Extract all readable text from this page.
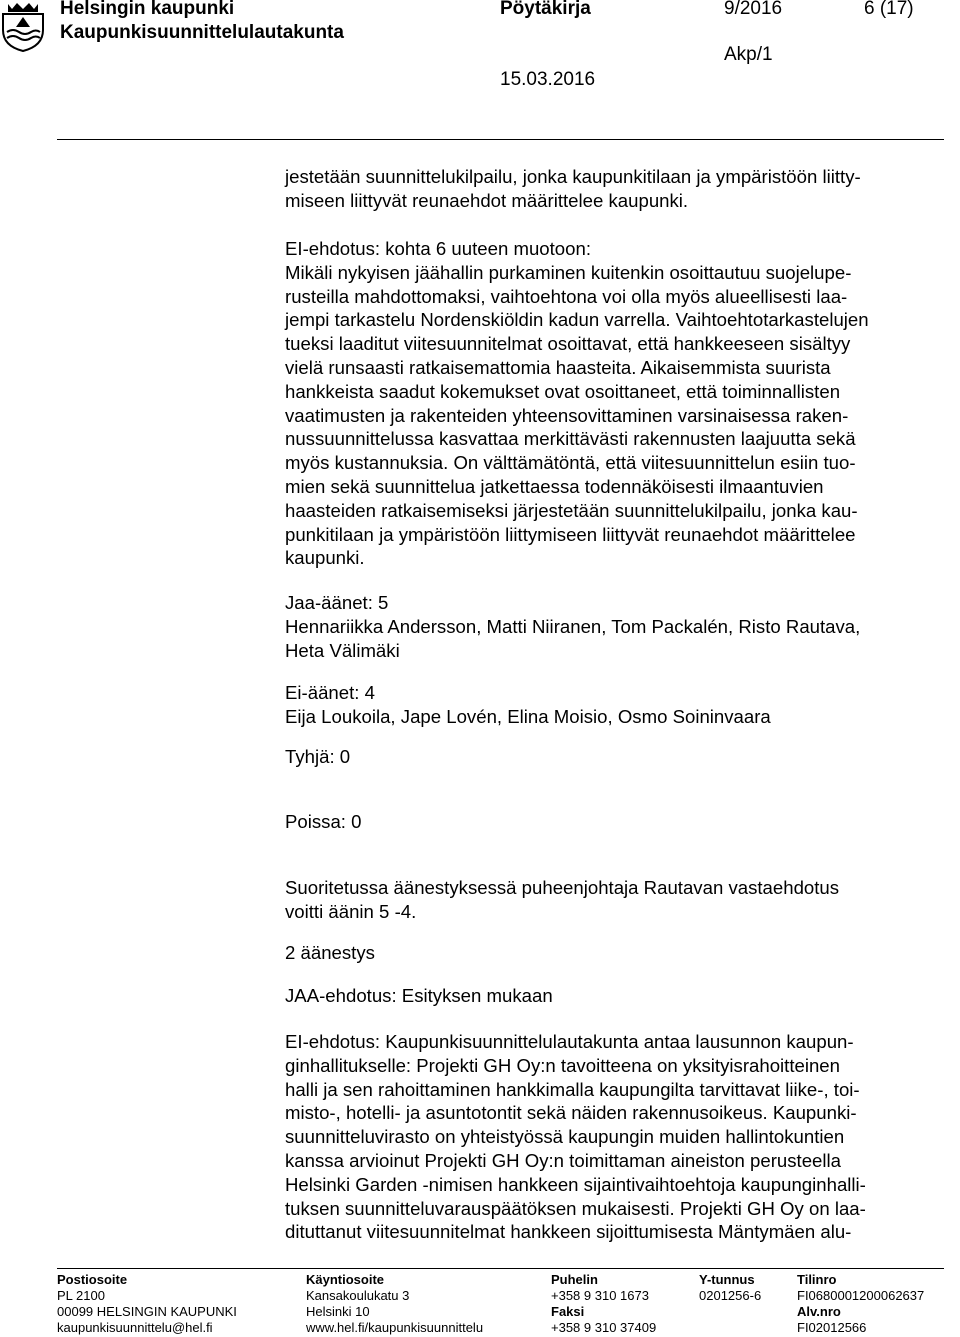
Helsingin kaupunki
Kaupunkisuunnittelulautakunta
Pöytäkirja	9/2016	6 (17)
Akp/1
15.03.2016
jestetään suunnittelukilpailu, jonka kaupunkitilaan ja ympäristöön liitty-
miseen liittyvät reunaehdot määrittelee kaupunki.
EI-ehdotus: kohta 6 uuteen muotoon:
Mikäli nykyisen jäähallin purkaminen kuitenkin osoittautuu suojelupe-
rusteilla mahdottomaksi, vaihtoehtona voi olla myös alueellisesti laa-
jempi tarkastelu Nordenskiöldin kadun varrella. Vaihtoehtotarkastelujen
tueksi laaditut viitesuunnitelmat osoittavat, että hankkeeseen sisältyy
vielä runsaasti ratkaisemattomia haasteita. Aikaisemmista suurista
hankkeista saadut kokemukset ovat osoittaneet, että toiminnallisten
vaatimusten ja rakenteiden yhteensovittaminen varsinaisessa raken-
nussuunnittelussa kasvattaa merkittävästi rakennusten laajuutta sekä
myös kustannuksia. On välttämätöntä, että viitesuunnittelun esiin tuo-
mien sekä suunnittelua jatkettaessa todennäköisesti ilmaantuvien
haasteiden ratkaisemiseksi järjestetään suunnittelukilpailu, jonka kau-
punkitilaan ja ympäristöön liittymiseen liittyvät reunaehdot määrittelee
kaupunki.
Jaa-äänet: 5
Hennariikka Andersson, Matti Niiranen, Tom Packalén, Risto Rautava,
Heta Välimäki
Ei-äänet: 4
Eija Loukoila, Jape Lovén, Elina Moisio, Osmo Soininvaara
Tyhjä: 0
Poissa: 0
Suoritetussa äänestyksessä puheenjohtaja Rautavan vastaehdotus
voitti äänin 5 -4.
2 äänestys
JAA-ehdotus: Esityksen mukaan
EI-ehdotus: Kaupunkisuunnittelulautakunta antaa lausunnon kaupun-
ginhallitukselle: Projekti GH Oy:n tavoitteena on yksityisrahoitteinen
halli ja sen rahoittaminen hankkimalla kaupungilta tarvittavat liike-, toi-
misto-, hotelli- ja asuntotontit sekä näiden rakennusoikeus. Kaupunki-
suunnitteluvirasto on yhteistyössä kaupungin muiden hallintokuntien
kanssa arvioinut Projekti GH Oy:n toimittaman aineiston perusteella
Helsinki Garden -nimisen hankkeen sijaintivaihtoehtoja kaupunginhalli-
tuksen suunnitteluvarauspäätöksen mukaisesti. Projekti GH Oy on laa-
dituttanut viitesuunnitelmat hankkeen sijoittumisesta Mäntymäen alu-
Postiosoite
PL 2100
00099 HELSINGIN KAUPUNKI
kaupunkisuunnittelu@hel.fi
Käyntiosoite
Kansakoulukatu 3
Helsinki 10
www.hel.fi/kaupunkisuunnittelu
Puhelin
+358 9 310 1673
Faksi
+358 9 310 37409
Y-tunnus
0201256-6
Tilinro
FI0680001200062637
Alv.nro
FI02012566
